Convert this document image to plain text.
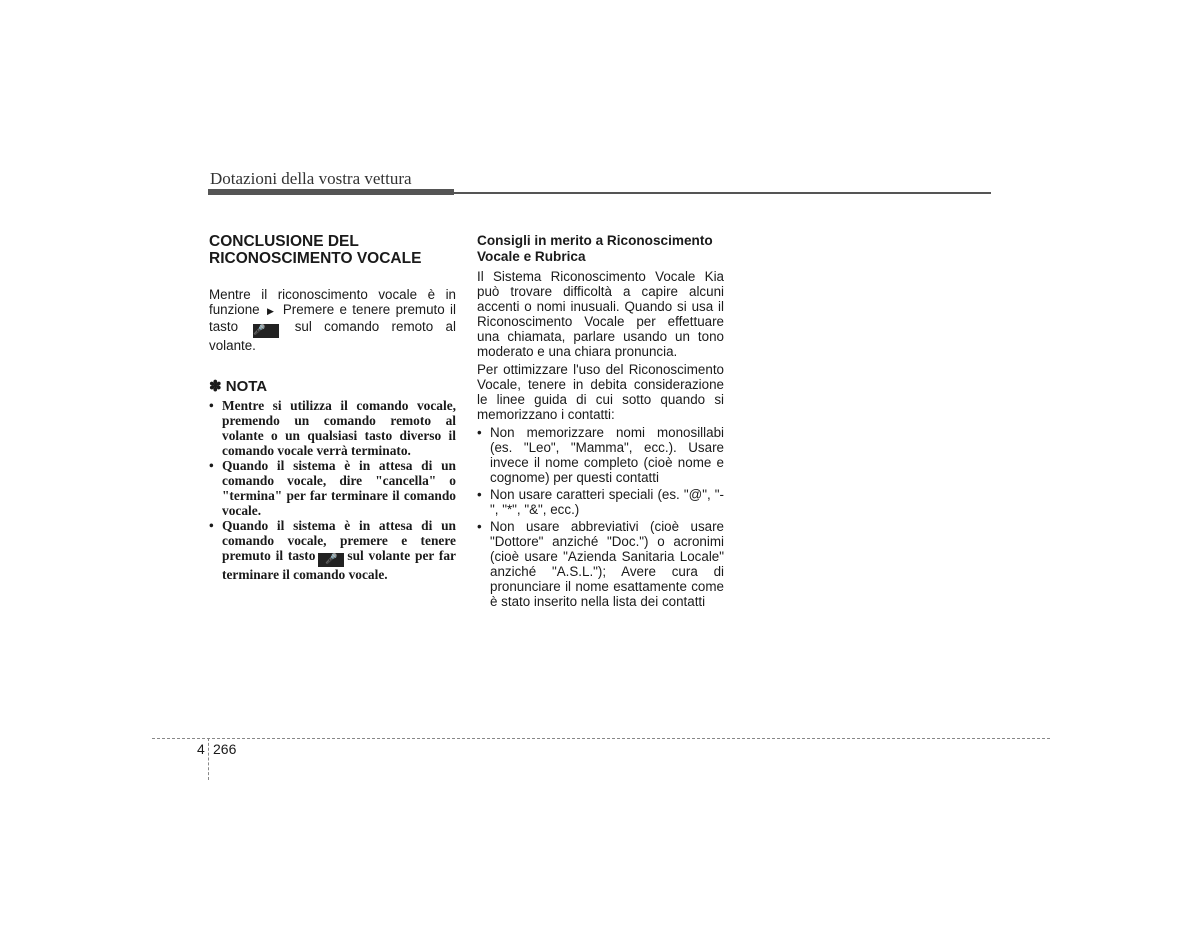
Dotazioni della vostra vettura
CONCLUSIONE DEL RICONOSCIMENTO VOCALE

Mentre il riconoscimento vocale è in funzione ▶ Premere e tenere premuto il tasto 🎤 sul comando remoto al volante.

✽ NOTA
• Mentre si utilizza il comando vocale, premendo un comando remoto al volante o un qualsiasi tasto diverso il comando vocale verrà terminato.
• Quando il sistema è in attesa di un comando vocale, dire "cancella" o "termina" per far terminare il comando vocale.
• Quando il sistema è in attesa di un comando vocale, premere e tenere premuto il tasto 🎤 sul volante per far terminare il comando vocale.
Consigli in merito a Riconoscimento Vocale e Rubrica

Il Sistema Riconoscimento Vocale Kia può trovare difficoltà a capire alcuni accenti o nomi inusuali. Quando si usa il Riconoscimento Vocale per effettuare una chiamata, parlare usando un tono moderato e una chiara pronuncia.

Per ottimizzare l'uso del Riconoscimento Vocale, tenere in debita considerazione le linee guida di cui sotto quando si memorizzano i contatti:

• Non memorizzare nomi monosillabi (es. "Leo", "Mamma", ecc.). Usare invece il nome completo (cioè nome e cognome) per questi contatti
• Non usare caratteri speciali (es. "@", "-", "*", "&", ecc.)
• Non usare abbreviativi (cioè usare "Dottore" anziché "Doc.") o acronimi (cioè usare "Azienda Sanitaria Locale" anziché "A.S.L."); Avere cura di pronunciare il nome esattamente come è stato inserito nella lista dei contatti
4 266
